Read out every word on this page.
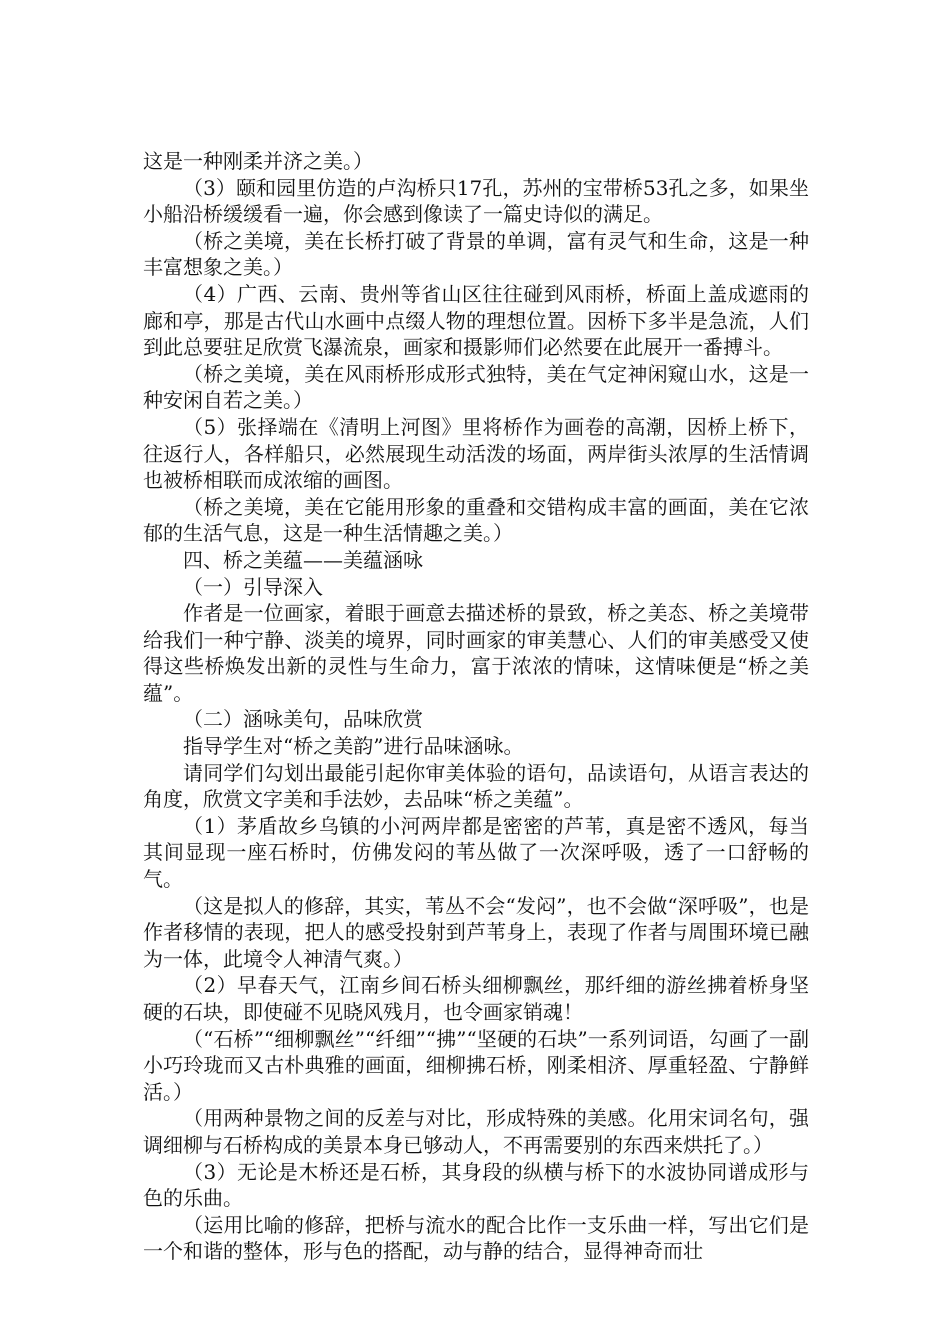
这是一种刚柔并济之美。）

（3）颐和园里仿造的卢沟桥只17孔，苏州的宝带桥53孔之多，如果坐小船沿桥缓缓看一遍，你会感到像读了一篇史诗似的满足。

（桥之美境，美在长桥打破了背景的单调，富有灵气和生命，这是一种丰富想象之美。）

（4）广西、云南、贵州等省山区往往碰到风雨桥，桥面上盖成遮雨的廊和亭，那是古代山水画中点缀人物的理想位置。因桥下多半是急流，人们到此总要驻足欣赏飞瀑流泉，画家和摄影师们必然要在此展开一番搏斗。

（桥之美境，美在风雨桥形成形式独特，美在气定神闲窥山水，这是一种安闲自若之美。）

（5）张择端在《清明上河图》里将桥作为画卷的高潮，因桥上桥下，往返行人，各样船只，必然展现生动活泼的场面，两岸街头浓厚的生活情调也被桥相联而成浓缩的画图。

（桥之美境，美在它能用形象的重叠和交错构成丰富的画面，美在它浓郁的生活气息，这是一种生活情趣之美。）

四、桥之美蕴——美蕴涵咏

（一）引导深入

作者是一位画家，着眼于画意去描述桥的景致，桥之美态、桥之美境带给我们一种宁静、淡美的境界，同时画家的审美慧心、人们的审美感受又使得这些桥焕发出新的灵性与生命力，富于浓浓的情味，这情味便是“桥之美蕴”。

（二）涵咏美句，品味欣赏

指导学生对“桥之美韵”进行品味涵咏。

请同学们勾划出最能引起你审美体验的语句，品读语句，从语言表达的角度，欣赏文字美和手法妙，去品味“桥之美蕴”。

（1）茅盾故乡乌镇的小河两岸都是密密的芦苇，真是密不透风，每当其间显现一座石桥时，仿佛发闷的苇丛做了一次深呼吸，透了一口舒畅的气。

（这是拟人的修辞，其实，苇丛不会“发闷”，也不会做“深呼吸”，也是作者移情的表现，把人的感受投射到芦苇身上，表现了作者与周围环境已融为一体，此境令人神清气爽。）

（2）早春天气，江南乡间石桥头细柳飘丝，那纤细的游丝拂着桥身坚硬的石块，即使碰不见晓风残月，也令画家销魂！

（“石桥”“细柳飘丝”“纤细”“拂”“坚硬的石块”一系列词语，勾画了一副小巧玲珑而又古朴典雅的画面，细柳拂石桥，刚柔相济、厚重轻盈、宁静鲜活。）

（用两种景物之间的反差与对比，形成特殊的美感。化用宋词名句，强调细柳与石桥构成的美景本身已够动人，不再需要别的东西来烘托了。）

（3）无论是木桥还是石桥，其身段的纵横与桥下的水波协同谱成形与色的乐曲。

（运用比喻的修辞，把桥与流水的配合比作一支乐曲一样，写出它们是一个和谐的整体，形与色的搭配，动与静的结合，显得神奇而壮
